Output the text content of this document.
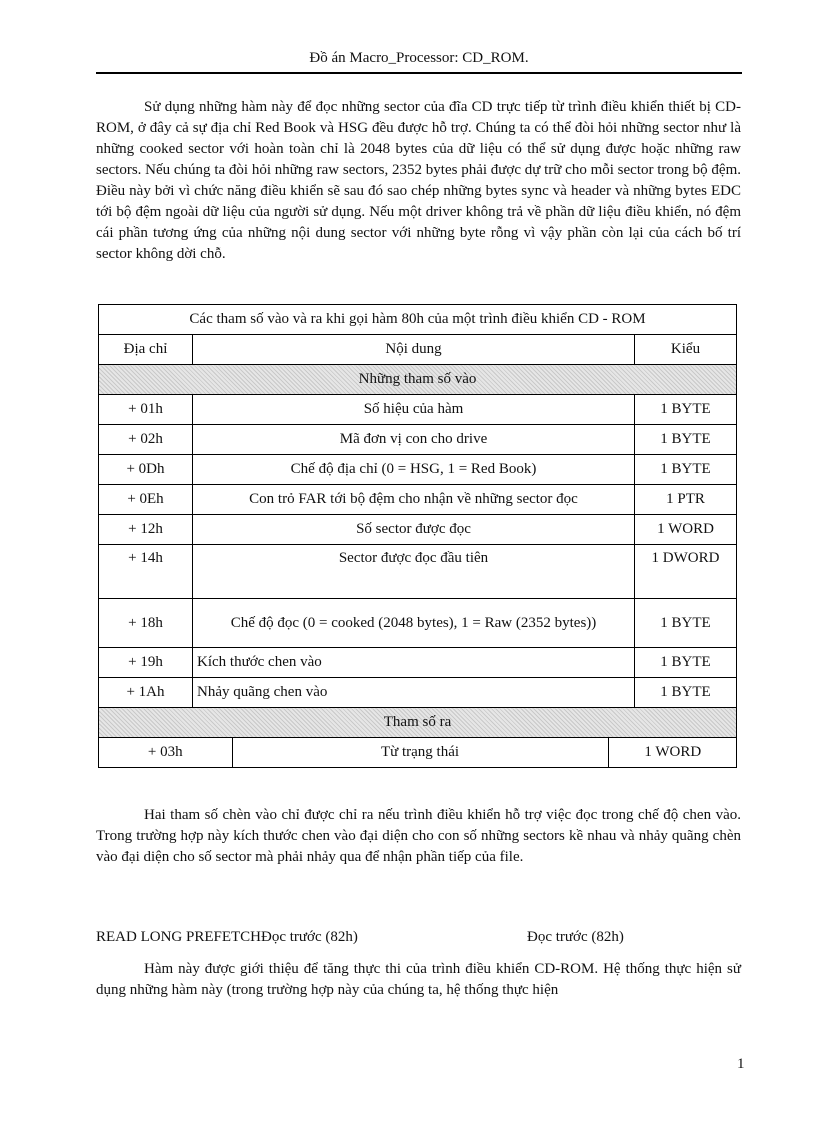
Đồ án Macro_Processor: CD_ROM.

Sử dụng những hàm này để đọc những sector của đĩa CD trực tiếp từ trình điều khiển thiết bị CD-ROM, ở đây cả sự địa chỉ Red Book và HSG đều được hỗ trợ. Chúng ta có thể đòi hỏi những sector như là những cooked sector với hoàn toàn chỉ là 2048 bytes của dữ liệu có thể sử dụng được hoặc những raw sectors. Nếu chúng ta đòi hỏi những raw sectors, 2352 bytes phải được dự trữ cho mỗi sector trong bộ đệm. Điều này bởi vì chức năng điều khiển sẽ sau đó sao chép những bytes sync và header và những bytes EDC tới bộ đệm ngoài dữ liệu của người sử dụng. Nếu một driver không trả về phần dữ liệu điều khiển, nó đệm cái phần tương ứng của những nội dung sector với những byte rỗng vì vậy phần còn lại của cách bố trí sector không dời chỗ.

Các tham số vào và ra khi gọi hàm 80h của một trình điều khiển CD - ROM
Địa chỉ	Nội dung	Kiểu
Những tham số vào
+ 01h	Số hiệu của hàm	1 BYTE
+ 02h	Mã đơn vị con cho drive	1 BYTE
+ 0Dh	Chế độ địa chỉ (0 = HSG, 1 = Red Book)	1 BYTE
+ 0Eh	Con trỏ FAR tới bộ đệm cho nhận về những sector đọc	1 PTR
+ 12h	Số sector được đọc	1 WORD
+ 14h	Sector được đọc đầu tiên	1 DWORD
+ 18h	Chế độ đọc (0 = cooked (2048 bytes), 1 = Raw (2352 bytes))	1 BYTE
+ 19h	Kích thước chen vào	1 BYTE
+ 1Ah	Nhảy quãng chen vào	1 BYTE
Tham số ra

+ 03h	Từ trạng thái	1 WORD

Hai tham số chèn vào chỉ được chỉ ra nếu trình điều khiển hỗ trợ việc đọc trong chế độ chen vào. Trong trường hợp này kích thước chen vào đại diện cho con số những sectors kề nhau và nhảy quãng chèn vào đại diện cho số sector mà phải nhảy qua để nhận phần tiếp của file.

READ LONG PREFETCHĐọc trước (82h)	Đọc trước (82h)

Hàm này được giới thiệu để tăng thực thi của trình điều khiển CD-ROM. Hệ thống thực hiện sử dụng những hàm này (trong trường hợp này của chúng ta, hệ thống thực hiện

1
